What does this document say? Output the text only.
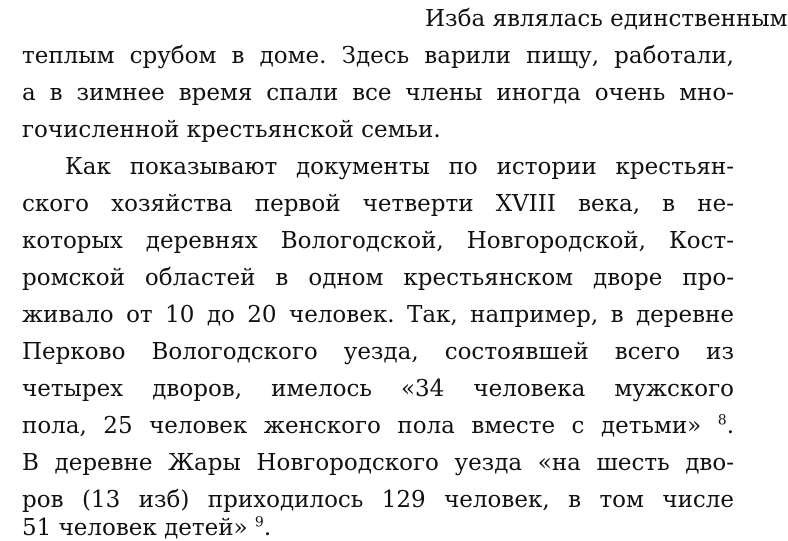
Изба являлась единственным
теплым срубом в доме. Здесь варили пищу, работали,
а в зимнее время спали все члены иногда очень мно-
гочисленной крестьянской семьи.
Как показывают документы по истории крестьян-
ского хозяйства первой четверти XVIII века, в не-
которых деревнях Вологодской, Новгородской, Кост-
ромской областей в одном крестьянском дворе про-
живало от 10 до 20 человек. Так, например, в деревне
Перково Вологодского уезда, состоявшей всего из
четырех дворов, имелось «34 человека мужского
пола, 25 человек женского пола вместе с детьми» $^8$.
В деревне Жары Новгородского уезда «на шесть дво-
ров (13 изб) приходилось 129 человек, в том числе
51 человек детей» $^9$.
